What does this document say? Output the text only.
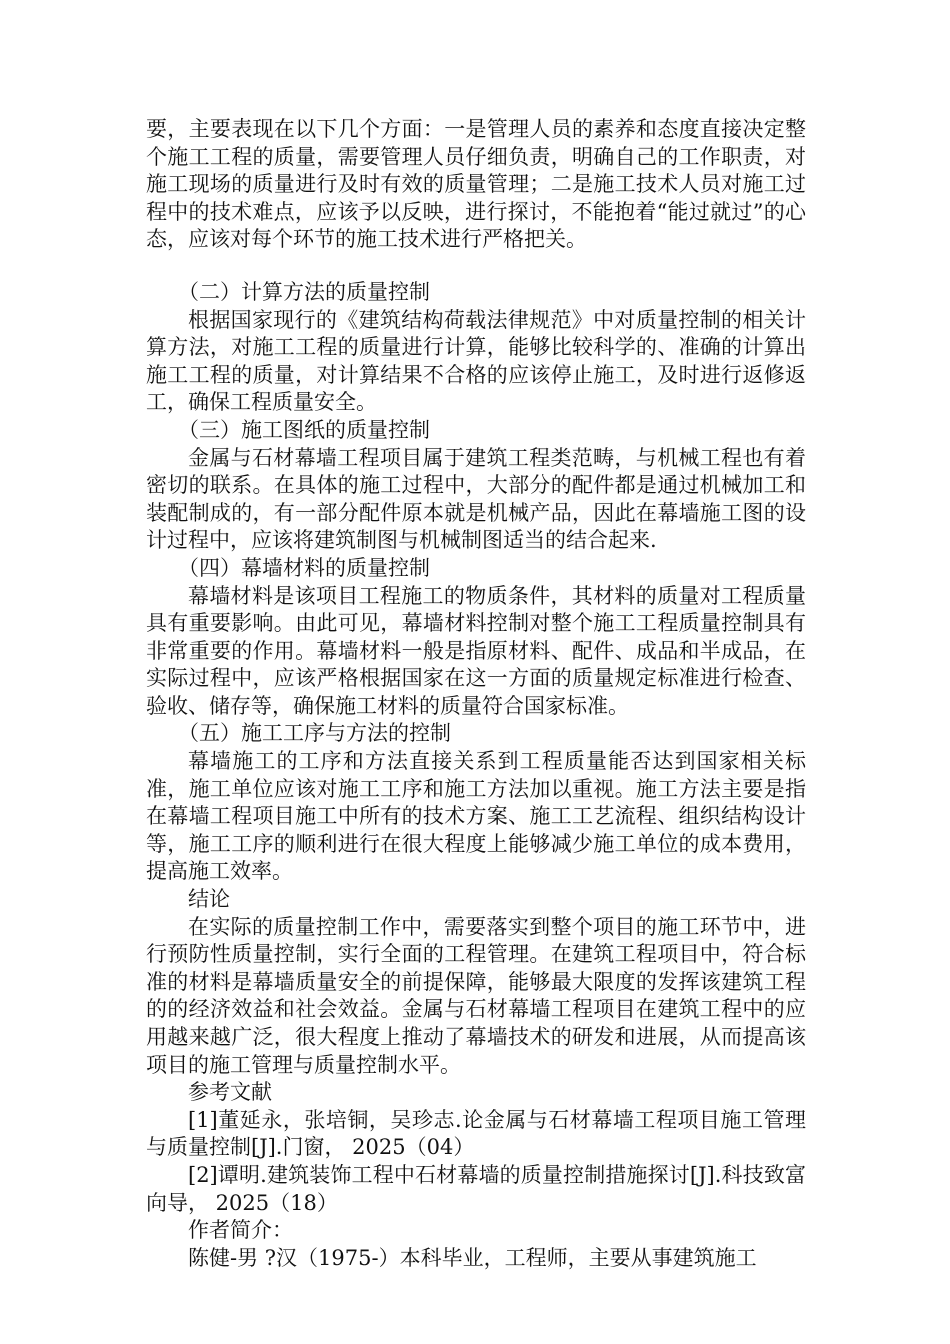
要，主要表现在以下几个方面：一是管理人员的素养和态度直接决定整个施工工程的质量，需要管理人员仔细负责，明确自己的工作职责，对施工现场的质量进行及时有效的质量管理；二是施工技术人员对施工过程中的技术难点，应该予以反映，进行探讨，不能抱着“能过就过”的心态，应该对每个环节的施工技术进行严格把关。

（二）计算方法的质量控制

根据国家现行的《建筑结构荷载法律规范》中对质量控制的相关计算方法，对施工工程的质量进行计算，能够比较科学的、准确的计算出施工工程的质量，对计算结果不合格的应该停止施工，及时进行返修返工，确保工程质量安全。

（三）施工图纸的质量控制

金属与石材幕墙工程项目属于建筑工程类范畴，与机械工程也有着密切的联系。在具体的施工过程中，大部分的配件都是通过机械加工和装配制成的，有一部分配件原本就是机械产品，因此在幕墙施工图的设计过程中，应该将建筑制图与机械制图适当的结合起来.

（四）幕墙材料的质量控制

幕墙材料是该项目工程施工的物质条件，其材料的质量对工程质量具有重要影响。由此可见，幕墙材料控制对整个施工工程质量控制具有非常重要的作用。幕墙材料一般是指原材料、配件、成品和半成品，在实际过程中，应该严格根据国家在这一方面的质量规定标准进行检查、验收、储存等，确保施工材料的质量符合国家标准。

（五）施工工序与方法的控制

幕墙施工的工序和方法直接关系到工程质量能否达到国家相关标准，施工单位应该对施工工序和施工方法加以重视。施工方法主要是指在幕墙工程项目施工中所有的技术方案、施工工艺流程、组织结构设计等，施工工序的顺利进行在很大程度上能够减少施工单位的成本费用，提高施工效率。

结论

在实际的质量控制工作中，需要落实到整个项目的施工环节中，进行预防性质量控制，实行全面的工程管理。在建筑工程项目中，符合标准的材料是幕墙质量安全的前提保障，能够最大限度的发挥该建筑工程的的经济效益和社会效益。金属与石材幕墙工程项目在建筑工程中的应用越来越广泛，很大程度上推动了幕墙技术的研发和进展，从而提高该项目的施工管理与质量控制水平。

参考文献

[1]董延永，张培铜，吴珍志.论金属与石材幕墙工程项目施工管理与质量控制[J].门窗， 2025（04）

[2]谭明.建筑装饰工程中石材幕墙的质量控制措施探讨[J].科技致富向导， 2025（18）

作者简介：

陈健-男 ?汉（1975-）本科毕业，工程师，主要从事建筑施工
